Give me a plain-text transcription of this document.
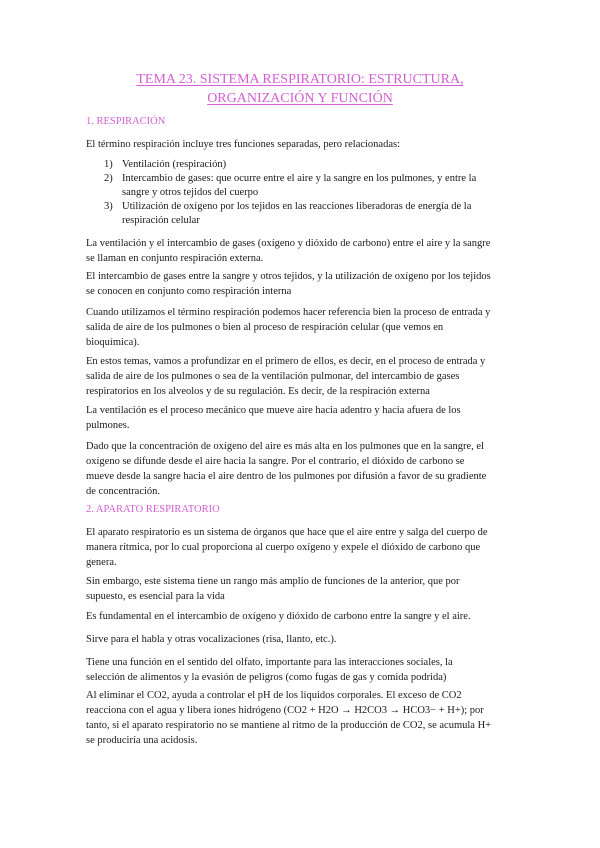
TEMA 23. SISTEMA RESPIRATORIO: ESTRUCTURA,
ORGANIZACIÓN Y FUNCIÓN
1. RESPIRACIÓN
El término respiración incluye tres funciones separadas, pero relacionadas:
1) Ventilación (respiración)
2) Intercambio de gases: que ocurre entre el aire y la sangre en los pulmones, y entre la
sangre y otros tejidos del cuerpo
3) Utilización de oxígeno por los tejidos en las reacciones liberadoras de energía de la
respiración celular
La ventilación y el intercambio de gases (oxígeno y dióxido de carbono) entre el aire y la sangre
se llaman en conjunto respiración externa.
El intercambio de gases entre la sangre y otros tejidos, y la utilización de oxígeno por los tejidos
se conocen en conjunto como respiración interna
Cuando utilizamos el término respiración podemos hacer referencia bien la proceso de entrada y
salida de aire de los pulmones o bien al proceso de respiración celular (que vemos en
bioquímica).
En estos temas, vamos a profundizar en el primero de ellos, es decir, en el proceso de entrada y
salida de aire de los pulmones o sea de la ventilación pulmonar, del intercambio de gases
respiratorios en los alveolos y de su regulación. Es decir, de la respiración externa
La ventilación es el proceso mecánico que mueve aire hacia adentro y hacia afuera de los
pulmones.
Dado que la concentración de oxígeno del aire es más alta en los pulmones que en la sangre, el
oxígeno se difunde desde el aire hacia la sangre. Por el contrario, el dióxido de carbono se
mueve desde la sangre hacia el aire dentro de los pulmones por difusión a favor de su gradiente
de concentración.
2. APARATO RESPIRATORIO
El aparato respiratorio es un sistema de órganos que hace que el aire entre y salga del cuerpo de
manera rítmica, por lo cual proporciona al cuerpo oxígeno y expele el dióxido de carbono que
genera.
Sin embargo, este sistema tiene un rango más amplio de funciones de la anterior, que por
supuesto, es esencial para la vida
Es fundamental en el intercambio de oxígeno y dióxido de carbono entre la sangre y el aire.
Sirve para el habla y otras vocalizaciones (risa, llanto, etc.).
Tiene una función en el sentido del olfato, importante para las interacciones sociales, la
selección de alimentos y la evasión de peligros (como fugas de gas y comida podrida)
Al eliminar el CO2, ayuda a controlar el pH de los líquidos corporales. El exceso de CO2
reacciona con el agua y libera iones hidrógeno (CO2 + H2O → H2CO3 → HCO3− + H+); por
tanto, si el aparato respiratorio no se mantiene al ritmo de la producción de CO2, se acumula H+
se produciría una acidosis.
